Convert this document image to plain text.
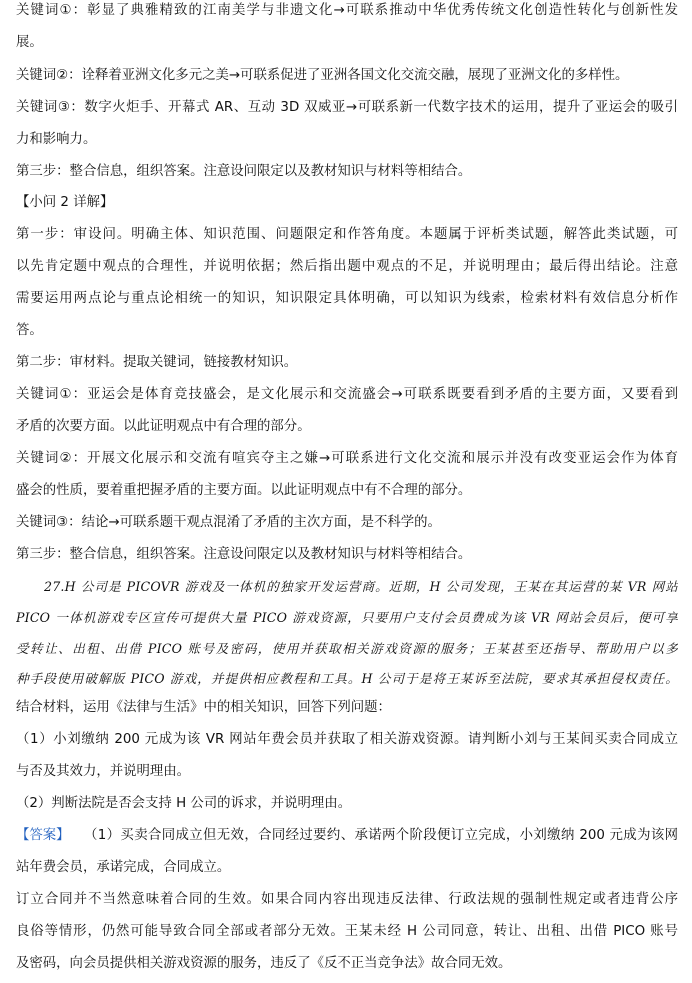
关键词①：彰显了典雅精致的江南美学与非遗文化→可联系推动中华优秀传统文化创造性转化与创新性发
展。
关键词②：诠释着亚洲文化多元之美→可联系促进了亚洲各国文化交流交融，展现了亚洲文化的多样性。
关键词③：数字火炬手、开幕式 AR、互动 3D 双威亚→可联系新一代数字技术的运用，提升了亚运会的吸引
力和影响力。
第三步：整合信息，组织答案。注意设问限定以及教材知识与材料等相结合。
【小问 2 详解】
第一步：审设问。明确主体、知识范围、问题限定和作答角度。本题属于评析类试题，解答此类试题，可
以先肯定题中观点的合理性，并说明依据；然后指出题中观点的不足，并说明理由；最后得出结论。注意
需要运用两点论与重点论相统一的知识，知识限定具体明确，可以知识为线索，检索材料有效信息分析作
答。
第二步：审材料。提取关键词，链接教材知识。
关键词①：亚运会是体育竞技盛会，是文化展示和交流盛会→可联系既要看到矛盾的主要方面，又要看到
矛盾的次要方面。以此证明观点中有合理的部分。
关键词②：开展文化展示和交流有喧宾夺主之嫌→可联系进行文化交流和展示并没有改变亚运会作为体育
盛会的性质，要着重把握矛盾的主要方面。以此证明观点中有不合理的部分。
关键词③：结论→可联系题干观点混淆了矛盾的主次方面，是不科学的。
第三步：整合信息，组织答案。注意设问限定以及教材知识与材料等相结合。
27.H 公司是 PICOVR 游戏及一体机的独家开发运营商。近期，H 公司发现，王某在其运营的某 VR 网站
PICO 一体机游戏专区宣传可提供大量 PICO 游戏资源，只要用户支付会员费成为该 VR 网站会员后，便可享
受转让、出租、出借 PICO 账号及密码，使用并获取相关游戏资源的服务；王某甚至还指导、帮助用户以多
种手段使用破解版 PICO 游戏，并提供相应教程和工具。H 公司于是将王某诉至法院，要求其承担侵权责任。
结合材料，运用《法律与生活》中的相关知识，回答下列问题：
（1）小刘缴纳 200 元成为该 VR 网站年费会员并获取了相关游戏资源。请判断小刘与王某间买卖合同成立
与否及其效力，并说明理由。
（2）判断法院是否会支持 H 公司的诉求，并说明理由。
【答案】	（1）买卖合同成立但无效，合同经过要约、承诺两个阶段便订立完成，小刘缴纳 200 元成为该网
站年费会员，承诺完成，合同成立。
订立合同并不当然意味着合同的生效。如果合同内容出现违反法律、行政法规的强制性规定或者违背公序
良俗等情形，仍然可能导致合同全部或者部分无效。王某未经 H 公司同意，转让、出租、出借 PICO 账号
及密码，向会员提供相关游戏资源的服务，违反了《反不正当竞争法》故合同无效。
